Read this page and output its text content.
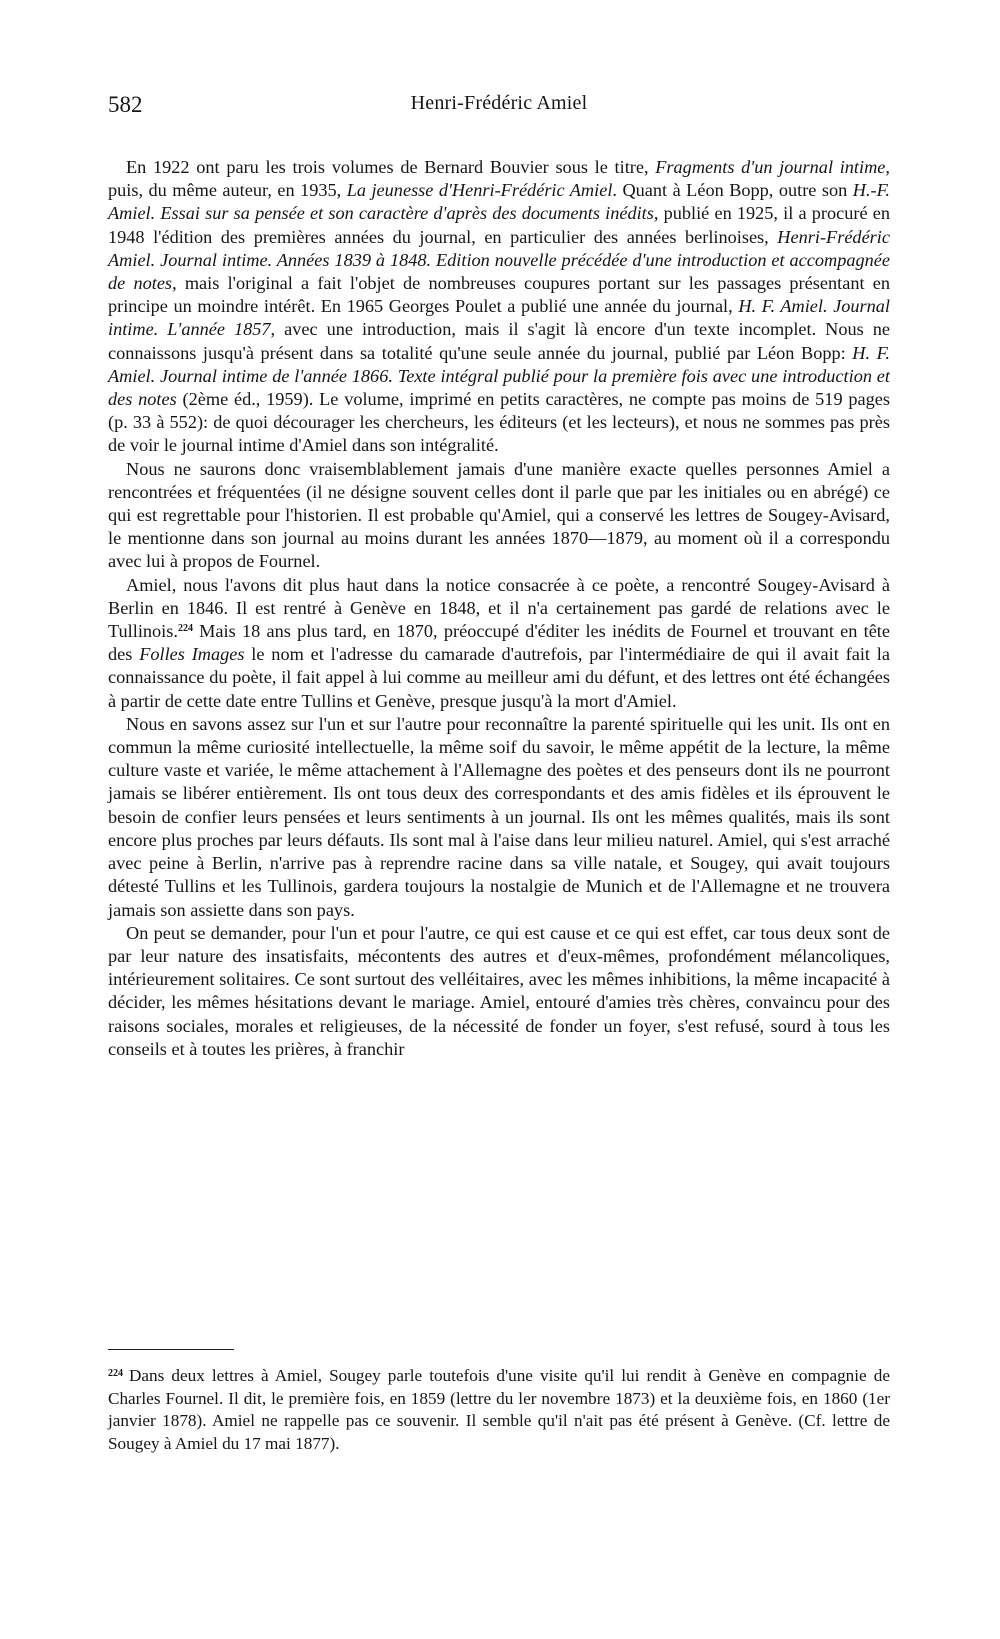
582	Henri-Frédéric Amiel

En 1922 ont paru les trois volumes de Bernard Bouvier sous le titre, Fragments d'un journal intime, puis, du même auteur, en 1935, La jeunesse d'Henri-Frédéric Amiel. Quant à Léon Bopp, outre son H.-F. Amiel. Essai sur sa pensée et son caractère d'après des documents inédits, publié en 1925, il a procuré en 1948 l'édition des premières années du journal, en particulier des années berlinoises, Henri-Frédéric Amiel. Journal intime. Années 1839 à 1848. Edition nouvelle précédée d'une introduction et accompagnée de notes, mais l'original a fait l'objet de nombreuses coupures portant sur les passages présentant en principe un moindre intérêt. En 1965 Georges Poulet a publié une année du journal, H. F. Amiel. Journal intime. L'année 1857, avec une introduction, mais il s'agit là encore d'un texte incomplet. Nous ne connaissons jusqu'à présent dans sa totalité qu'une seule année du journal, publié par Léon Bopp: H. F. Amiel. Journal intime de l'année 1866. Texte intégral publié pour la première fois avec une introduction et des notes (2ème éd., 1959). Le volume, imprimé en petits caractères, ne compte pas moins de 519 pages (p. 33 à 552): de quoi décourager les chercheurs, les éditeurs (et les lecteurs), et nous ne sommes pas près de voir le journal intime d'Amiel dans son intégralité.

Nous ne saurons donc vraisemblablement jamais d'une manière exacte quelles personnes Amiel a rencontrées et fréquentées (il ne désigne souvent celles dont il parle que par les initiales ou en abrégé) ce qui est regrettable pour l'historien. Il est probable qu'Amiel, qui a conservé les lettres de Sougey-Avisard, le mentionne dans son journal au moins durant les années 1870—1879, au moment où il a correspondu avec lui à propos de Fournel.

Amiel, nous l'avons dit plus haut dans la notice consacrée à ce poète, a rencontré Sougey-Avisard à Berlin en 1846. Il est rentré à Genève en 1848, et il n'a certainement pas gardé de relations avec le Tullinois.$^{224}$ Mais 18 ans plus tard, en 1870, préoccupé d'éditer les inédits de Fournel et trouvant en tête des Folles Images le nom et l'adresse du camarade d'autrefois, par l'intermédiaire de qui il avait fait la connaissance du poète, il fait appel à lui comme au meilleur ami du défunt, et des lettres ont été échangées à partir de cette date entre Tullins et Genève, presque jusqu'à la mort d'Amiel.

Nous en savons assez sur l'un et sur l'autre pour reconnaître la parenté spirituelle qui les unit. Ils ont en commun la même curiosité intellectuelle, la même soif du savoir, le même appétit de la lecture, la même culture vaste et variée, le même attachement à l'Allemagne des poètes et des penseurs dont ils ne pourront jamais se libérer entièrement. Ils ont tous deux des correspondants et des amis fidèles et ils éprouvent le besoin de confier leurs pensées et leurs sentiments à un journal. Ils ont les mêmes qualités, mais ils sont encore plus proches par leurs défauts. Ils sont mal à l'aise dans leur milieu naturel. Amiel, qui s'est arraché avec peine à Berlin, n'arrive pas à reprendre racine dans sa ville natale, et Sougey, qui avait toujours détesté Tullins et les Tullinois, gardera toujours la nostalgie de Munich et de l'Allemagne et ne trouvera jamais son assiette dans son pays.

On peut se demander, pour l'un et pour l'autre, ce qui est cause et ce qui est effet, car tous deux sont de par leur nature des insatisfaits, mécontents des autres et d'eux-mêmes, profondément mélancoliques, intérieurement solitaires. Ce sont surtout des velléitaires, avec les mêmes inhibitions, la même incapacité à décider, les mêmes hésitations devant le mariage. Amiel, entouré d'amies très chères, convaincu pour des raisons sociales, morales et religieuses, de la nécessité de fonder un foyer, s'est refusé, sourd à tous les conseils et à toutes les prières, à franchir

$^{224}$ Dans deux lettres à Amiel, Sougey parle toutefois d'une visite qu'il lui rendit à Genève en compagnie de Charles Fournel. Il dit, le première fois, en 1859 (lettre du ler novembre 1873) et la deuxième fois, en 1860 (1er janvier 1878). Amiel ne rappelle pas ce souvenir. Il semble qu'il n'ait pas été présent à Genève. (Cf. lettre de Sougey à Amiel du 17 mai 1877).
